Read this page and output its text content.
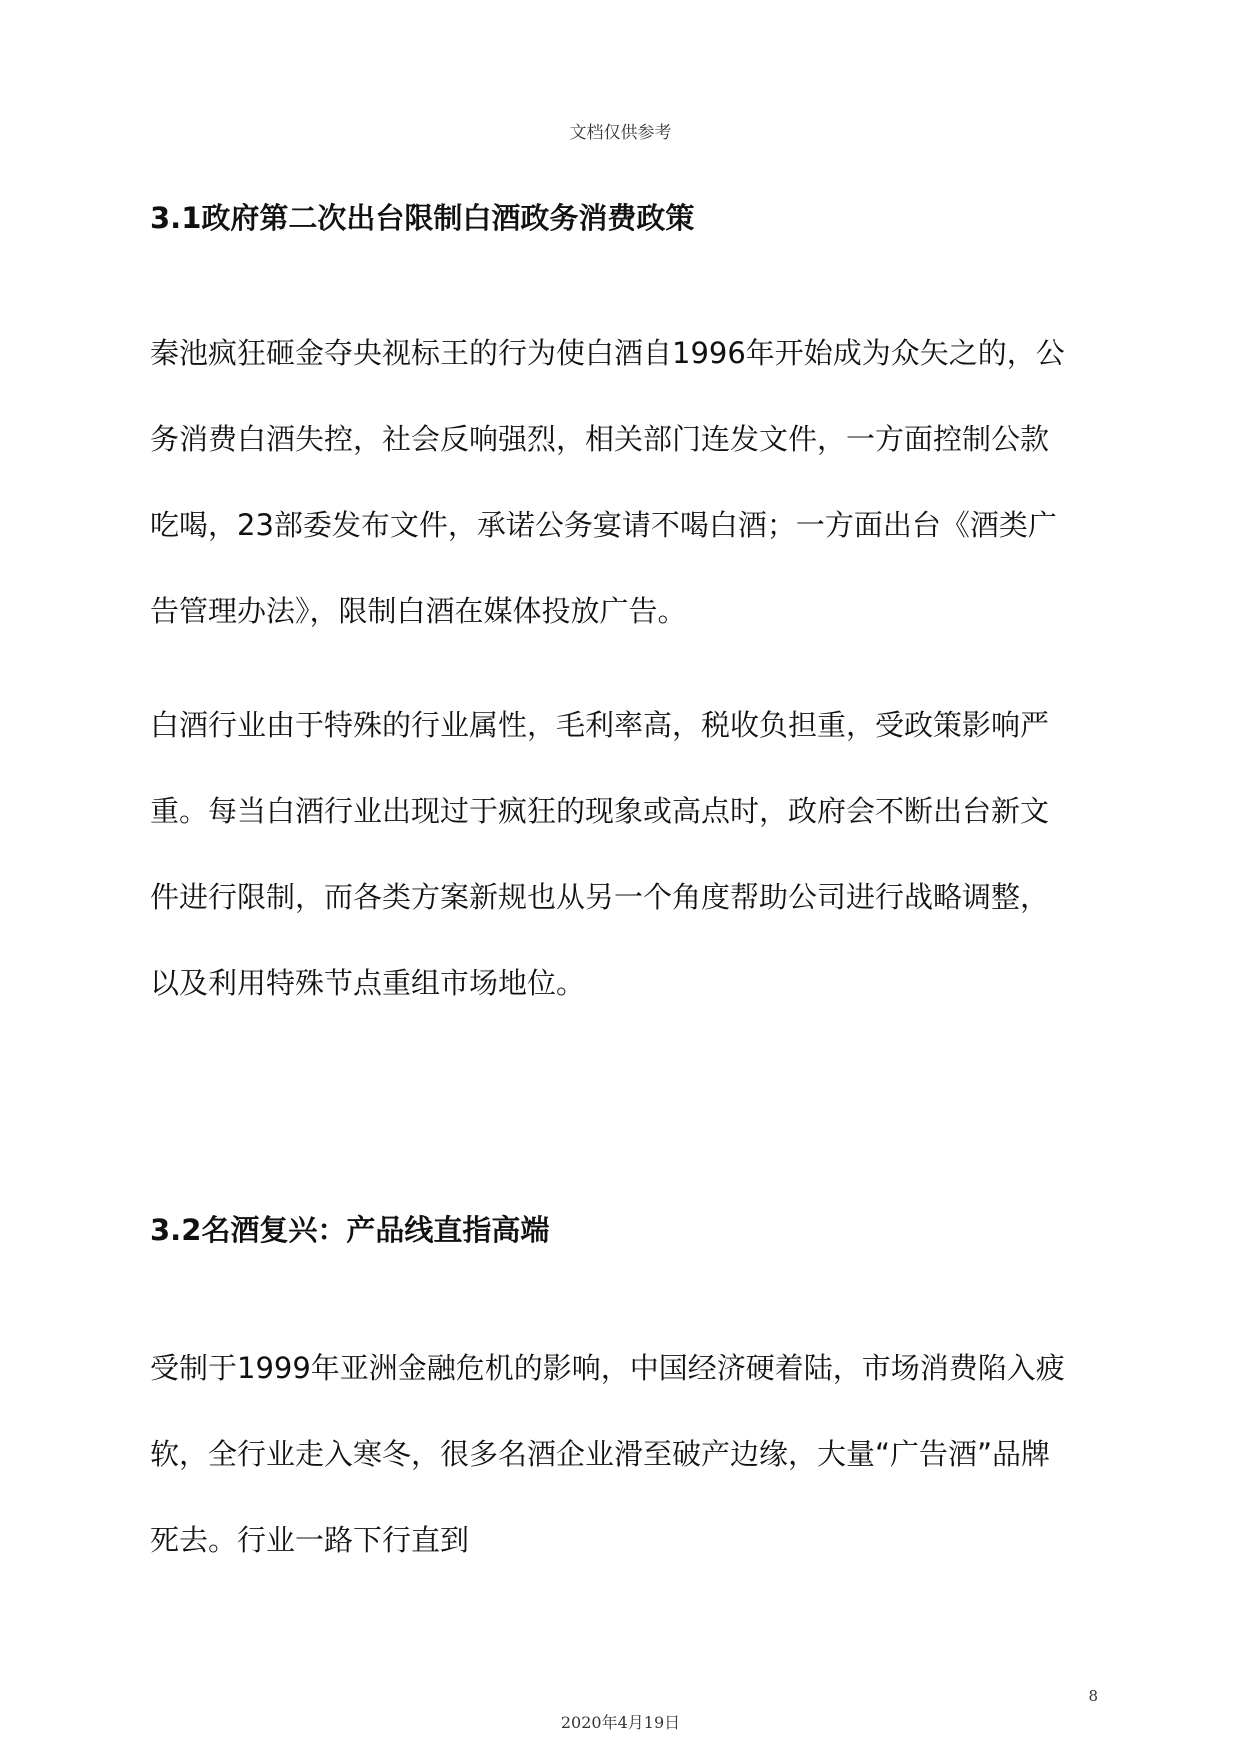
文档仅供参考
3.1政府第二次出台限制白酒政务消费政策
秦池疯狂砸金夺央视标王的行为使白酒自1996年开始成为众矢之的，公
务消费白酒失控，社会反响强烈，相关部门连发文件，一方面控制公款
吃喝，23部委发布文件，承诺公务宴请不喝白酒；一方面出台《酒类广
告管理办法》，限制白酒在媒体投放广告。
白酒行业由于特殊的行业属性，毛利率高，税收负担重，受政策影响严
重。每当白酒行业出现过于疯狂的现象或高点时，政府会不断出台新文
件进行限制，而各类方案新规也从另一个角度帮助公司进行战略调整，
以及利用特殊节点重组市场地位。
3.2名酒复兴：产品线直指高端
受制于1999年亚洲金融危机的影响，中国经济硬着陆，市场消费陷入疲
软，全行业走入寒冬，很多名酒企业滑至破产边缘，大量“广告酒”品牌
死去。行业一路下行直到
8
2020年4月19日
